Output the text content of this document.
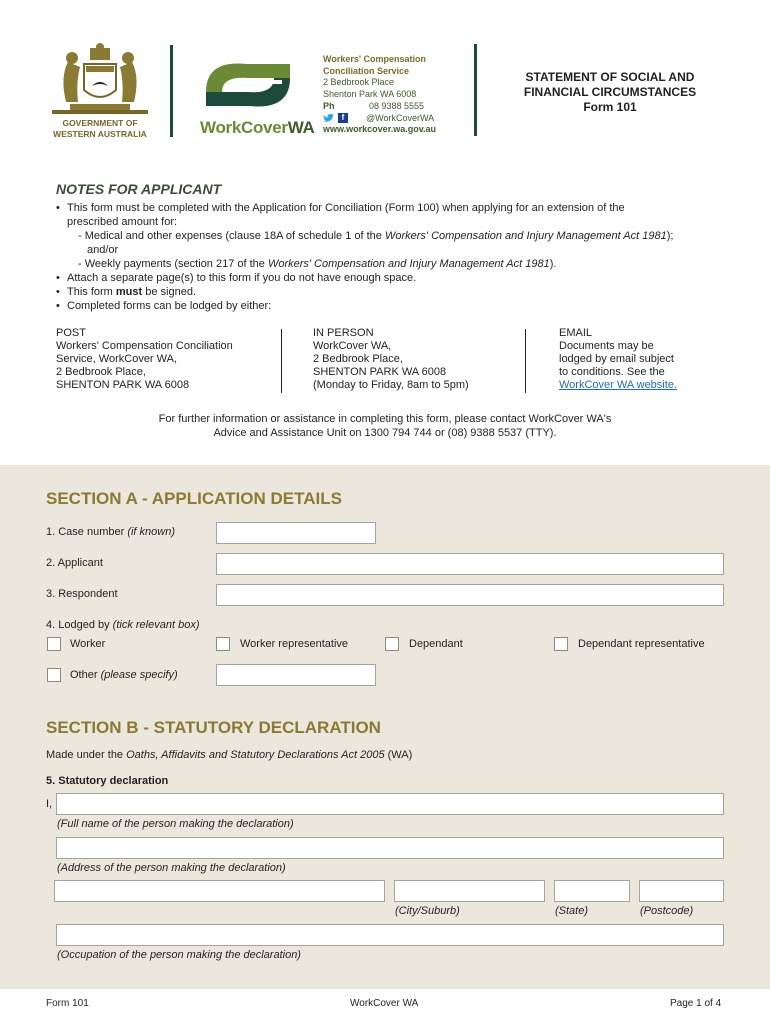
GOVERNMENT OF
WESTERN AUSTRALIA	WorkCoverWA
Workers' Compensation
Conciliation Service
2 Bedbrook Place
Shenton Park WA 6008
Ph	08 9388 5555
f	@WorkCoverWA
www.workcover.wa.gov.au
STATEMENT OF SOCIAL AND
FINANCIAL CIRCUMSTANCES
Form 101
NOTES FOR APPLICANT
• This form must be completed with the Application for Conciliation (Form 100) when applying for an extension of the
prescribed amount for:
- Medical and other expenses (clause 18A of schedule 1 of the Workers' Compensation and Injury Management Act 1981);
and/or
- Weekly payments (section 217 of the Workers' Compensation and Injury Management Act 1981).
• Attach a separate page(s) to this form if you do not have enough space.
• This form must be signed.
• Completed forms can be lodged by either:
POST
Workers' Compensation Conciliation
Service, WorkCover WA,
2 Bedbrook Place,
SHENTON PARK WA 6008
IN PERSON
WorkCover WA,
2 Bedbrook Place,
SHENTON PARK WA 6008
(Monday to Friday, 8am to 5pm)
EMAIL
Documents may be
lodged by email subject
to conditions. See the
WorkCover WA website.
For further information or assistance in completing this form, please contact WorkCover WA's
Advice and Assistance Unit on 1300 794 744 or (08) 9388 5537 (TTY).
SECTION A - APPLICATION DETAILS
1. Case number (if known)
2. Applicant
3. Respondent
4. Lodged by (tick relevant box)
Worker	Worker representative	Dependant	Dependant representative
Other (please specify)
SECTION B - STATUTORY DECLARATION
Made under the Oaths, Affidavits and Statutory Declarations Act 2005 (WA)
5. Statutory declaration
I,
(Full name of the person making the declaration)
(Address of the person making the declaration)
(City/Suburb)	(State)	(Postcode)
(Occupation of the person making the declaration)
Form 101	WorkCover WA	Page 1 of 4
